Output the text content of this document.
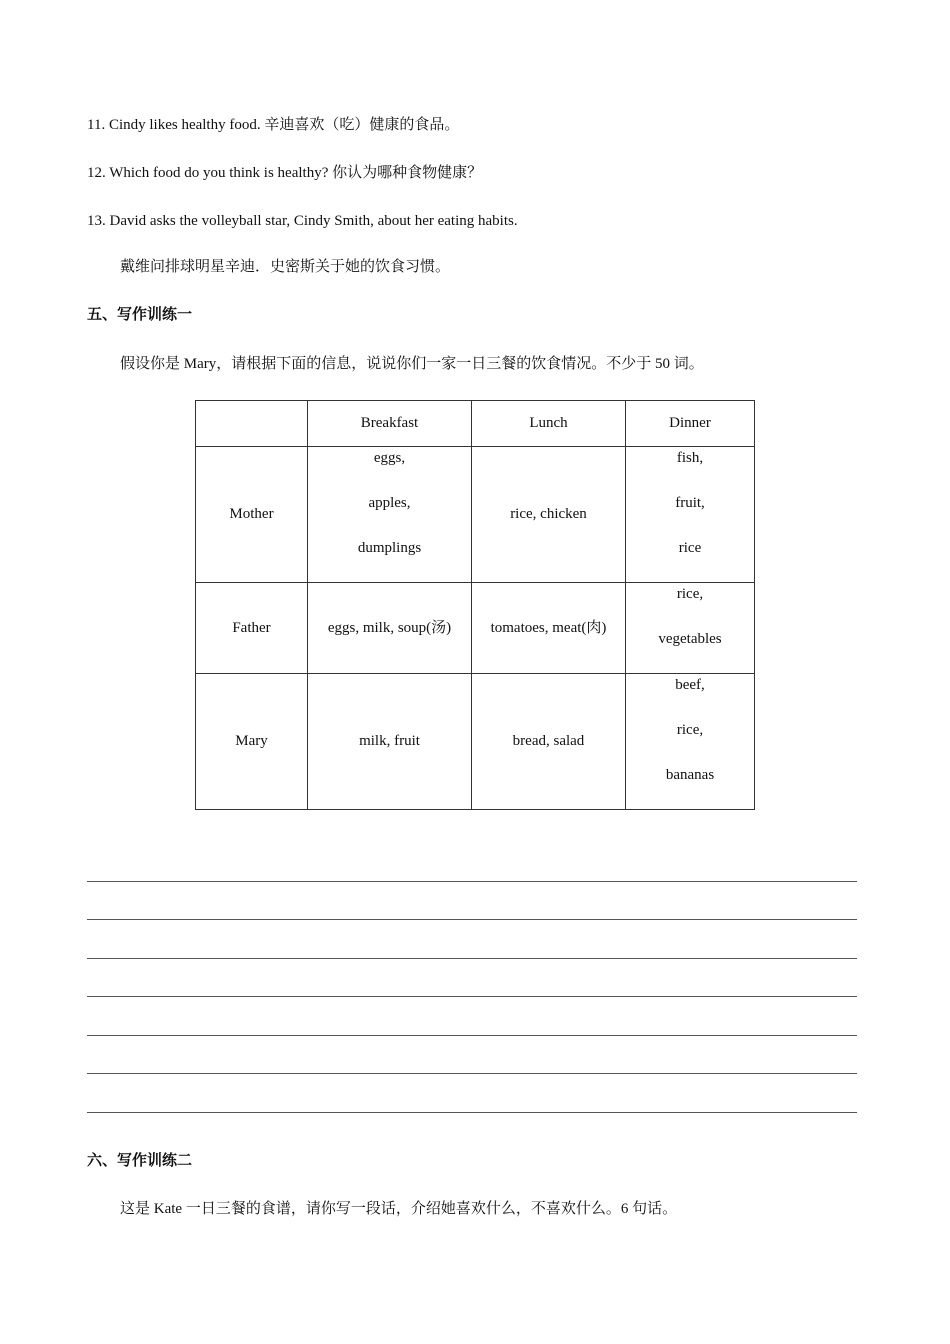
11. Cindy likes healthy food. 辛迪喜欢（吃）健康的食品。
12. Which food do you think is healthy? 你认为哪种食物健康？
13. David asks the volleyball star, Cindy Smith, about her eating habits.
戴维问排球明星辛迪．史密斯关于她的饮食习惯。
五、写作训练一
假设你是 Mary，请根据下面的信息，说说你们一家一日三餐的饮食情况。不少于 50 词。
	Breakfast	Lunch	Dinner
Mother	eggs,
apples,
dumplings	rice, chicken	fish,
fruit,
rice

Father	eggs, milk, soup(汤)	tomatoes, meat(肉)	rice,
vegetables

Mary	milk, fruit	bread, salad	beef,
rice,
bananas
六、写作训练二
这是 Kate 一日三餐的食谱，请你写一段话，介绍她喜欢什么，不喜欢什么。6 句话。
